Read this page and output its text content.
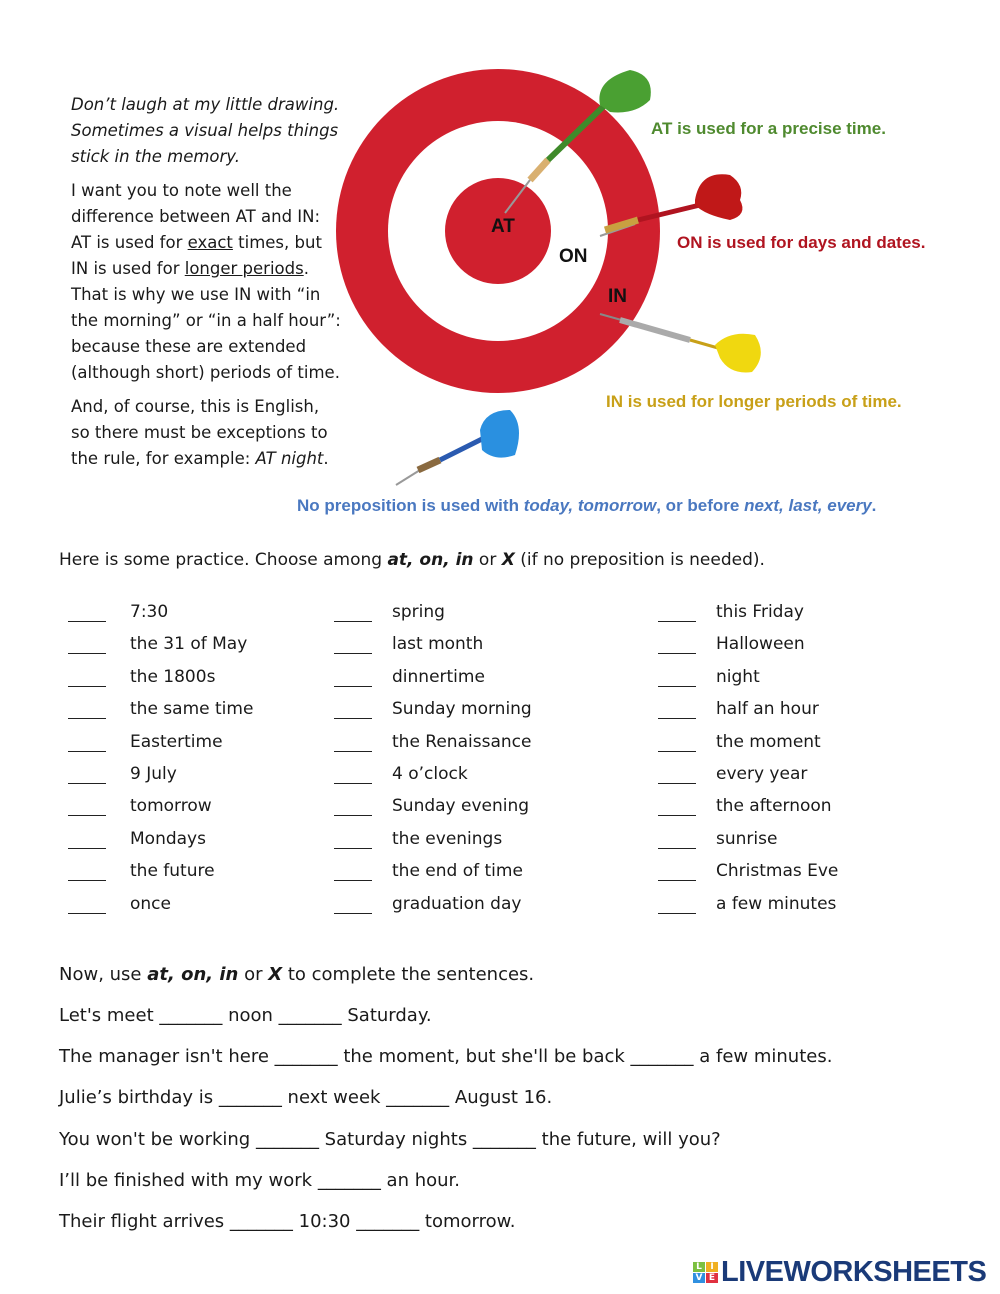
Don’t laugh at my little drawing. Sometimes a visual helps things stick in the memory.

I want you to note well the difference between AT and IN: AT is used for exact times, but IN is used for longer periods. That is why we use IN with “in the morning” or “in a half hour”: because these are extended (although short) periods of time.

And, of course, this is English, so there must be exceptions to the rule, for example: AT night.

AT
ON
IN
AT is used for a precise time.
ON is used for days and dates.
IN is used for longer periods of time.
No preposition is used with today, tomorrow, or before next, last, every.
Here is some practice. Choose among at, on, in or X (if no preposition is needed).
7:30
the 31 of May
the 1800s
the same time
Eastertime
9 July
tomorrow
Mondays
the future
once
spring
last month
dinnertime
Sunday morning
the Renaissance
4 o’clock
Sunday evening
the evenings
the end of time
graduation day
this Friday
Halloween
night
half an hour
the moment
every year
the afternoon
sunrise
Christmas Eve
a few minutes
Now, use at, on, in or X to complete the sentences.
Let's meet _______ noon _______ Saturday.
The manager isn't here _______ the moment, but she'll be back _______ a few minutes.
Julie’s birthday is _______ next week _______ August 16.
You won't be working _______ Saturday nights _______ the future, will you?
I’ll be finished with my work _______ an hour.
Their flight arrives _______ 10:30 _______ tomorrow.
L I
V E LIVEWORKSHEETS
